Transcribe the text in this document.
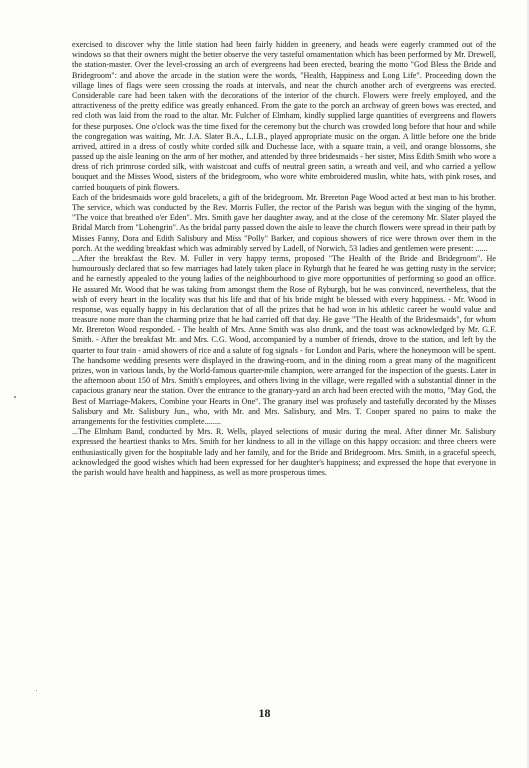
exercised to discover why the little station had been fairly hidden in greenery, and heads were eagerly crammed out of the windows so that their owners might the better observe the very tasteful ornamentation which has been performed by Mr. Drewell, the station-master. Over the level-crossing an arch of evergreens had been erected, bearing the motto "God Bless the Bride and Bridegroom": and above the arcade in the station were the words, "Health, Happiness and Long Life". Proceeding down the village lines of flags were seen crossing the roads at intervals, and near the church another arch of evergreens was erected. Considerable care had been taken with the decorations of the interior of the church. Flowers were freely employed, and the attractiveness of the pretty edifice was greatly enhanced. From the gate to the porch an archway of green bows was erected, and red cloth was laid from the road to the altar. Mr. Fulcher of Elmham, kindly supplied large quantities of evergreens and flowers for these purposes. One o'clock was the time fixed for the ceremony but the church was crowded long before that hour and while the congregation was waiting, Mr. J.A. Slater B.A., L.I.B., played appropriate music on the organ. A little before one the bride arrived, attired in a dress of costly white corded silk and Duchesse lace, with a square train, a veil, and orange blossoms, she passed up the aisle leaning on the arm of her mother, and attended by three bridesmaids - her sister, Miss Edith Smith who wore a dress of rich primrose corded silk, with waistcoat and cuffs of neutral green satin, a wreath and veil, and who carried a yellow bouquet and the Misses Wood, sisters of the bridegroom, who wore white embroidered muslin, white hats, with pink roses, and carried bouquets of pink flowers.

Each of the bridesmaids wore gold bracelets, a gift of the bridegroom. Mr. Brereton Page Wood acted at best man to his brother. The service, which was conducted by the Rev. Morris Fuller, the rector of the Parish was begun with the singing of the hymn, "The voice that breathed o'er Eden". Mrs. Smith gave her daughter away, and at the close of the ceremony Mr. Slater played the Bridal March from "Lohengrin". As the bridal party passed down the aisle to leave the church flowers were spread in their path by Misses Fanny, Dora and Edith Salisbury and Miss "Polly" Barker, and copious showers of rice were thrown over them in the porch. At the wedding breakfast which was admirably served by Ladell, of Norwich, 53 ladies and gentlemen were present: ......

...After the breakfast the Rev. M. Fuller in very happy terms, proposed "The Health of the Bride and Bridegroom". He humourously declared that so few marriages had lately taken place in Ryburgh that he feared he was getting rusty in the service; and he earnestly appealed to the young ladies of the neighbourhood to give more opportunities of performing so good an office. He assured Mr. Wood that he was taking from amongst them the Rose of Ryburgh, but he was convinced, nevertheless, that the wish of every heart in the locality was that his life and that of his bride might be blessed with every happiness. - Mr. Wood in response, was equally happy in his declaration that of all the prizes that he had won in his athletic career he would value and treasure none more than the charming prize that he had carried off that day. He gave "The Health of the Bridesmaids", for whom Mr. Brereton Wood responded. - The health of Mrs. Anne Smith was also drunk, and the toast was acknowledged by Mr. G.F. Smith. - After the breakfast Mr. and Mrs. C.G. Wood, accompanied by a number of friends, drove to the station, and left by the quarter to four train - amid showers of rice and a salute of fog signals - for London and Paris, where the honeymoon will be spent. The handsome wedding presents were displayed in the drawing-room, and in the dining room a great many of the magnificent prizes, won in various lands, by the World-famous quarter-mile champion, were arranged for the inspection of the guests. Later in the afternoon about 150 of Mrs. Smith's employees, and others living in the village, were regalled with a substantial dinner in the capacious granary near the station. Over the entrance to the granary-yard an arch had been erected with the motto, "May God, the Best of Marriage-Makers, Combine your Hearts in One". The granary itsel was profusely and tastefully decorated by the Misses Salisbury and Mr. Salisbury Jun., who, with Mr. and Mrs. Salisbury, and Mrs. T. Cooper spared no pains to make the arrangements for the festivities complete........

...The Elmham Band, conducted by Mrs. R. Wells, played selections of music during the meal. After dinner Mr. Salisbury expressed the heartiest thanks to Mrs. Smith for her kindness to all in the village on this happy occasion: and three cheers were enthusiastically given for the hospitable lady and her family, and for the Bride and Bridegroom. Mrs. Smith, in a graceful speech, acknowledged the good wishes which had been expressed for her daughter's happiness; and expressed the hope that everyone in the parish would have health and happiness, as well as more prosperous times.

18
